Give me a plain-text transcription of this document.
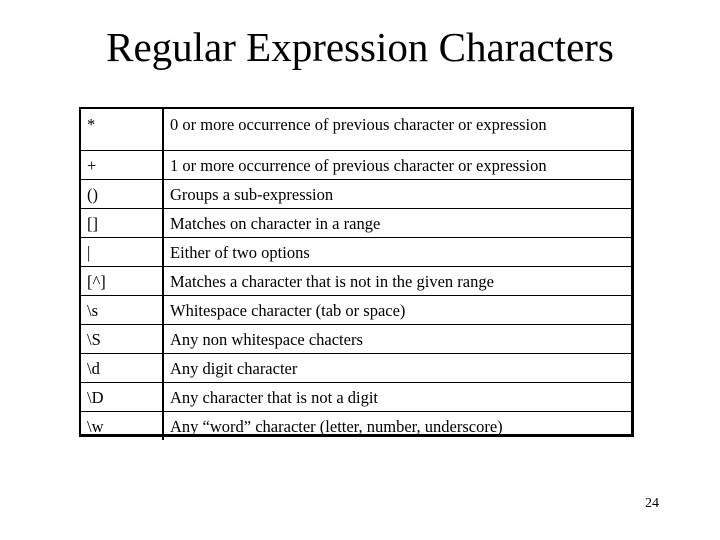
Regular Expression Characters
*	0 or more occurrence of previous character or expression
+	1 or more occurrence of previous character or expression
()	Groups a sub-expression
[]	Matches on character in a range
|	Either of two options
[^]	Matches a character that is not in the given range
\s	Whitespace character (tab or space)
\S	Any non whitespace chacters
\d	Any digit character
\D	Any character that is not a digit
\w	Any “word” character (letter, number, underscore)
24
